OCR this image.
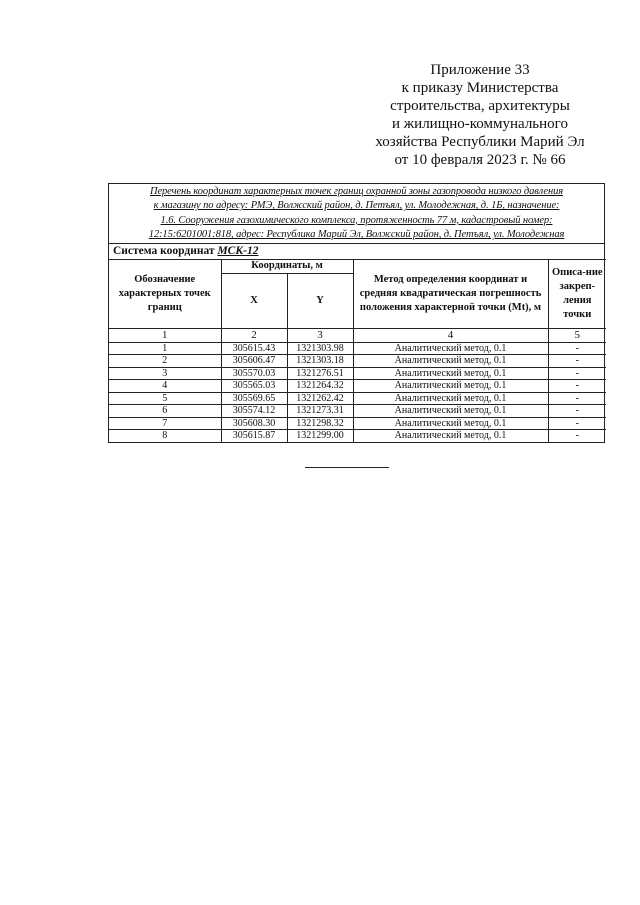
Приложение 33
к приказу Министерства
строительства, архитектуры
и жилищно-коммунального
хозяйства Республики Марий Эл
от 10 февраля 2023 г. № 66
Перечень координат характерных точек границ охранной зоны газопровода низкого давления
к магазину по адресу: РМЭ, Волжский район, д. Петъял, ул. Молодежная, д. 1Б, назначение:
1.6. Сооружения газохимического комплекса, протяженность 77 м, кадастровый номер:
12:15:6201001:818, адрес: Республика Марий Эл, Волжский район, д. Петъял, ул. Молодежная
Система координат МСК-12
Обозначение характерных точек границ	Координаты, м		Метод определения координат и средняя квадратическая погрешность положения характерной точки (Mt), м	Описа-ние закреп-ления точки
	X	Y		
1	2	3	4	5
1	305615.43	1321303.98	Аналитический метод, 0.1	-
2	305606.47	1321303.18	Аналитический метод, 0.1	-
3	305570.03	1321276.51	Аналитический метод, 0.1	-
4	305565.03	1321264.32	Аналитический метод, 0.1	-
5	305569.65	1321262.42	Аналитический метод, 0.1	-
6	305574.12	1321273.31	Аналитический метод, 0.1	-
7	305608.30	1321298.32	Аналитический метод, 0.1	-
8	305615.87	1321299.00	Аналитический метод, 0.1	-
